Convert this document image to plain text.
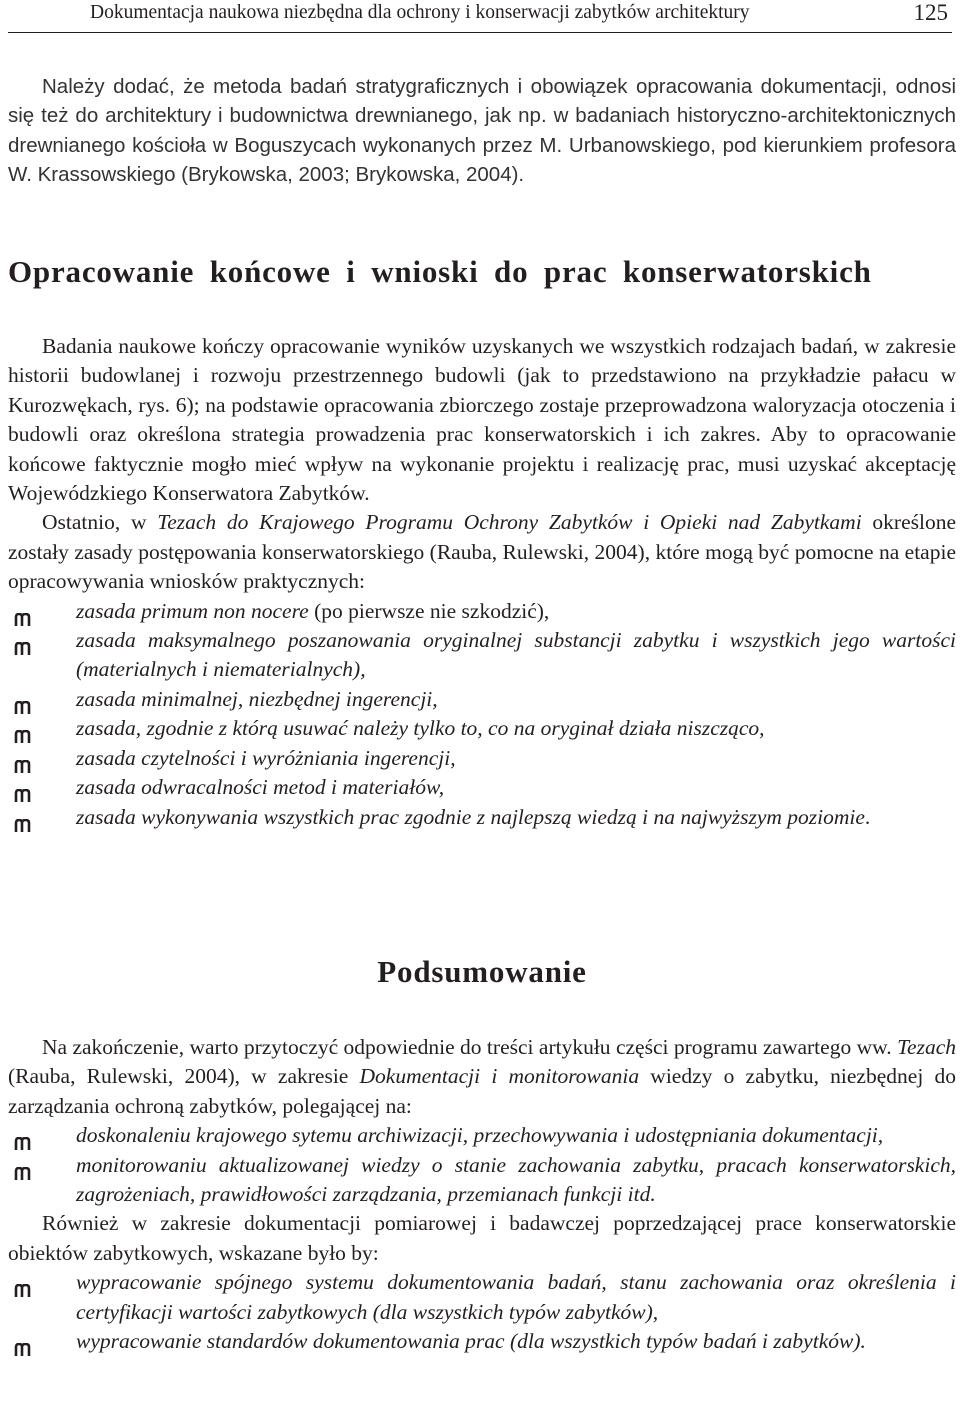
Dokumentacja naukowa niezbędna dla ochrony i konserwacji zabytków architektury	125

Należy dodać, że metoda badań stratygraficznych i obowiązek opracowania dokumentacji, odnosi się też do architektury i budownictwa drewnianego, jak np. w badaniach historyczno-architektonicznych drewnianego kościoła w Boguszycach wykonanych przez M. Urbanowskiego, pod kierunkiem profesora W. Krassowskiego (Brykowska, 2003; Brykowska, 2004).

Opracowanie końcowe i wnioski do prac konserwatorskich

Badania naukowe kończy opracowanie wyników uzyskanych we wszystkich rodzajach badań, w zakresie historii budowlanej i rozwoju przestrzennego budowli (jak to przedstawiono na przykładzie pałacu w Kurozwękach, rys. 6); na podstawie opracowania zbiorczego zostaje przeprowadzona waloryzacja otoczenia i budowli oraz określona strategia prowadzenia prac konserwatorskich i ich zakres. Aby to opracowanie końcowe faktycznie mogło mieć wpływ na wykonanie projektu i realizację prac, musi uzyskać akceptację Wojewódzkiego Konserwatora Zabytków.

Ostatnio, w Tezach do Krajowego Programu Ochrony Zabytków i Opieki nad Zabytkami określone zostały zasady postępowania konserwatorskiego (Rauba, Rulewski, 2004), które mogą być pomocne na etapie opracowywania wniosków praktycznych:

zasada primum non nocere (po pierwsze nie szkodzić),
zasada maksymalnego poszanowania oryginalnej substancji zabytku i wszystkich jego wartości (materialnych i niematerialnych),
zasada minimalnej, niezbędnej ingerencji,
zasada, zgodnie z którą usuwać należy tylko to, co na oryginał działa niszcząco,
zasada czytelności i wyróżniania ingerencji,
zasada odwracalności metod i materiałów,
zasada wykonywania wszystkich prac zgodnie z najlepszą wiedzą i na najwyższym poziomie.
Podsumowanie

Na zakończenie, warto przytoczyć odpowiednie do treści artykułu części programu zawartego ww. Tezach (Rauba, Rulewski, 2004), w zakresie Dokumentacji i monitorowania wiedzy o zabytku, niezbędnej do zarządzania ochroną zabytków, polegającej na:

doskonaleniu krajowego sytemu archiwizacji, przechowywania i udostępniania dokumentacji,
monitorowaniu aktualizowanej wiedzy o stanie zachowania zabytku, pracach konserwatorskich, zagrożeniach, prawidłowości zarządzania, przemianach funkcji itd.

Również w zakresie dokumentacji pomiarowej i badawczej poprzedzającej prace konserwatorskie obiektów zabytkowych, wskazane było by:

wypracowanie spójnego systemu dokumentowania badań, stanu zachowania oraz określenia i certyfikacji wartości zabytkowych (dla wszystkich typów zabytków),
wypracowanie standardów dokumentowania prac (dla wszystkich typów badań i zabytków).
